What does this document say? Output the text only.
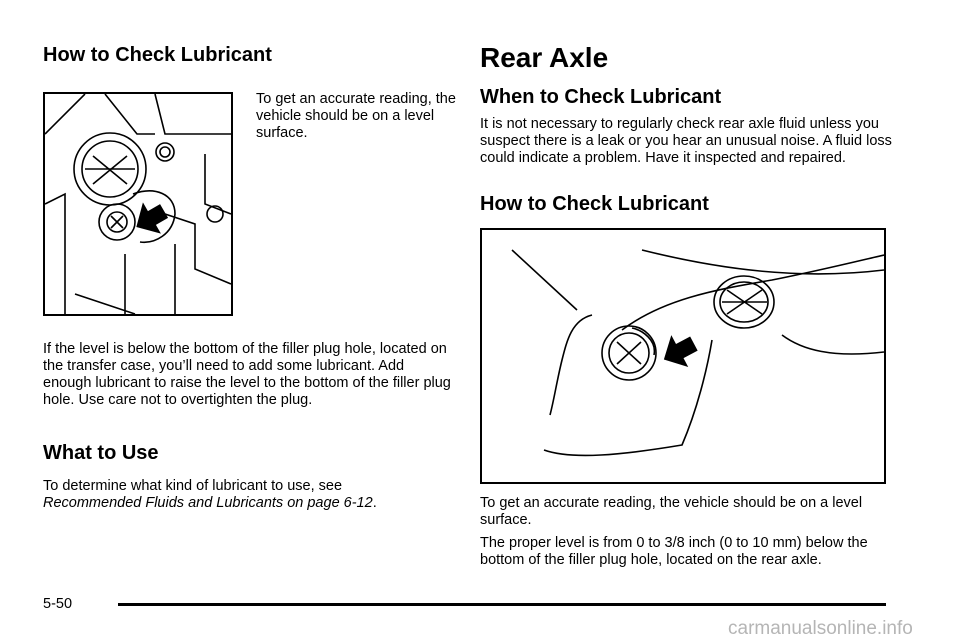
How to Check Lubricant
To get an accurate reading, the vehicle should be on a level surface.
If the level is below the bottom of the filler plug hole, located on the transfer case, you’ll need to add some lubricant. Add enough lubricant to raise the level to the bottom of the filler plug hole. Use care not to overtighten the plug.
What to Use
To determine what kind of lubricant to use, see
Recommended Fluids and Lubricants on page 6-12.
Rear Axle
When to Check Lubricant
It is not necessary to regularly check rear axle fluid unless you suspect there is a leak or you hear an unusual noise. A fluid loss could indicate a problem. Have it inspected and repaired.
How to Check Lubricant
To get an accurate reading, the vehicle should be on a level surface.
The proper level is from 0 to 3/8 inch (0 to 10 mm) below the bottom of the filler plug hole, located on the rear axle.
5-50
carmanualsonline.info
